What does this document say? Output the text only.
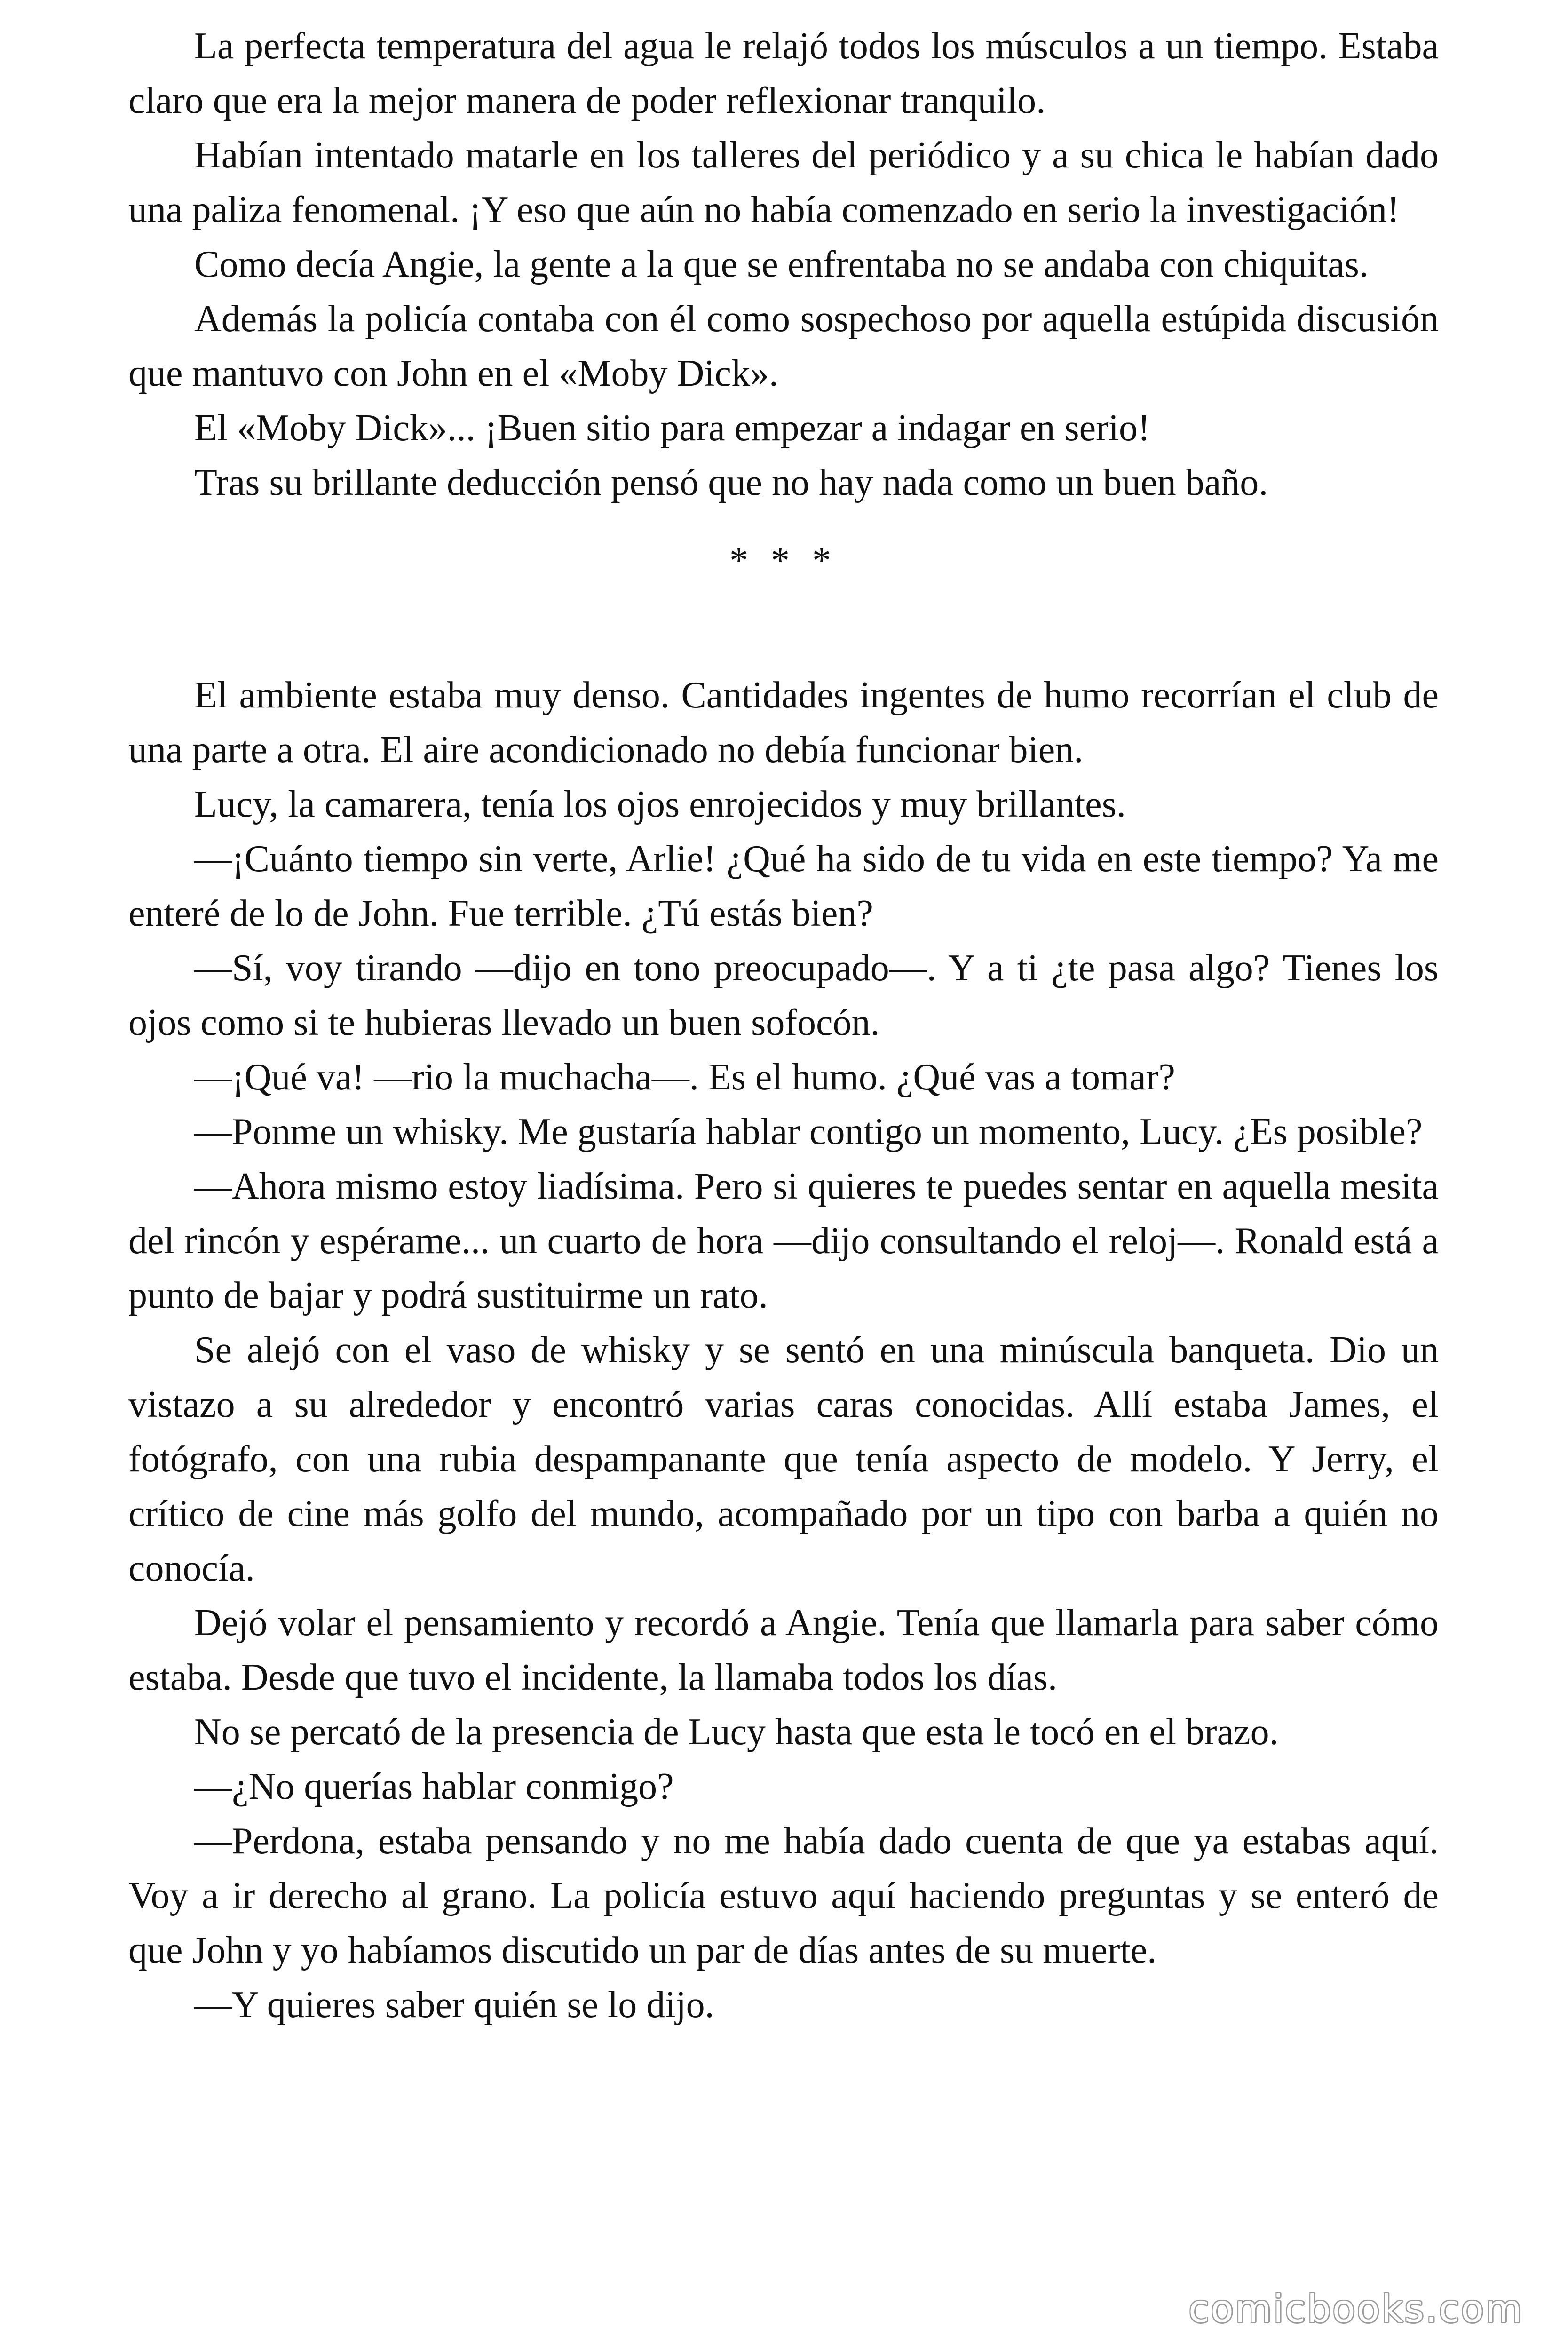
La perfecta temperatura del agua le relajó todos los músculos a un tiempo. Estaba claro que era la mejor manera de poder reflexionar tranquilo.

Habían intentado matarle en los talleres del periódico y a su chica le habían dado una paliza fenomenal. ¡Y eso que aún no había comenzado en serio la investigación!

Como decía Angie, la gente a la que se enfrentaba no se andaba con chiquitas.

Además la policía contaba con él como sospechoso por aquella estúpida discusión que mantuvo con John en el «Moby Dick».

El «Moby Dick»... ¡Buen sitio para empezar a indagar en serio!

Tras su brillante deducción pensó que no hay nada como un buen baño.

* * *

El ambiente estaba muy denso. Cantidades ingentes de humo recorrían el club de una parte a otra. El aire acondicionado no debía funcionar bien.

Lucy, la camarera, tenía los ojos enrojecidos y muy brillantes.

—¡Cuánto tiempo sin verte, Arlie! ¿Qué ha sido de tu vida en este tiempo? Ya me enteré de lo de John. Fue terrible. ¿Tú estás bien?

—Sí, voy tirando —dijo en tono preocupado—. Y a ti ¿te pasa algo? Tienes los ojos como si te hubieras llevado un buen sofocón.

—¡Qué va! —rio la muchacha—. Es el humo. ¿Qué vas a tomar?

—Ponme un whisky. Me gustaría hablar contigo un momento, Lucy. ¿Es posible?

—Ahora mismo estoy liadísima. Pero si quieres te puedes sentar en aquella mesita del rincón y espérame... un cuarto de hora —dijo consultando el reloj—. Ronald está a punto de bajar y podrá sustituirme un rato.

Se alejó con el vaso de whisky y se sentó en una minúscula banqueta. Dio un vistazo a su alrededor y encontró varias caras conocidas. Allí estaba James, el fotógrafo, con una rubia despampanante que tenía aspecto de modelo. Y Jerry, el crítico de cine más golfo del mundo, acompañado por un tipo con barba a quién no conocía.

Dejó volar el pensamiento y recordó a Angie. Tenía que llamarla para saber cómo estaba. Desde que tuvo el incidente, la llamaba todos los días.

No se percató de la presencia de Lucy hasta que esta le tocó en el brazo.

—¿No querías hablar conmigo?

—Perdona, estaba pensando y no me había dado cuenta de que ya estabas aquí. Voy a ir derecho al grano. La policía estuvo aquí haciendo preguntas y se enteró de que John y yo habíamos discutido un par de días antes de su muerte.

—Y quieres saber quién se lo dijo.

comicbooks.com
